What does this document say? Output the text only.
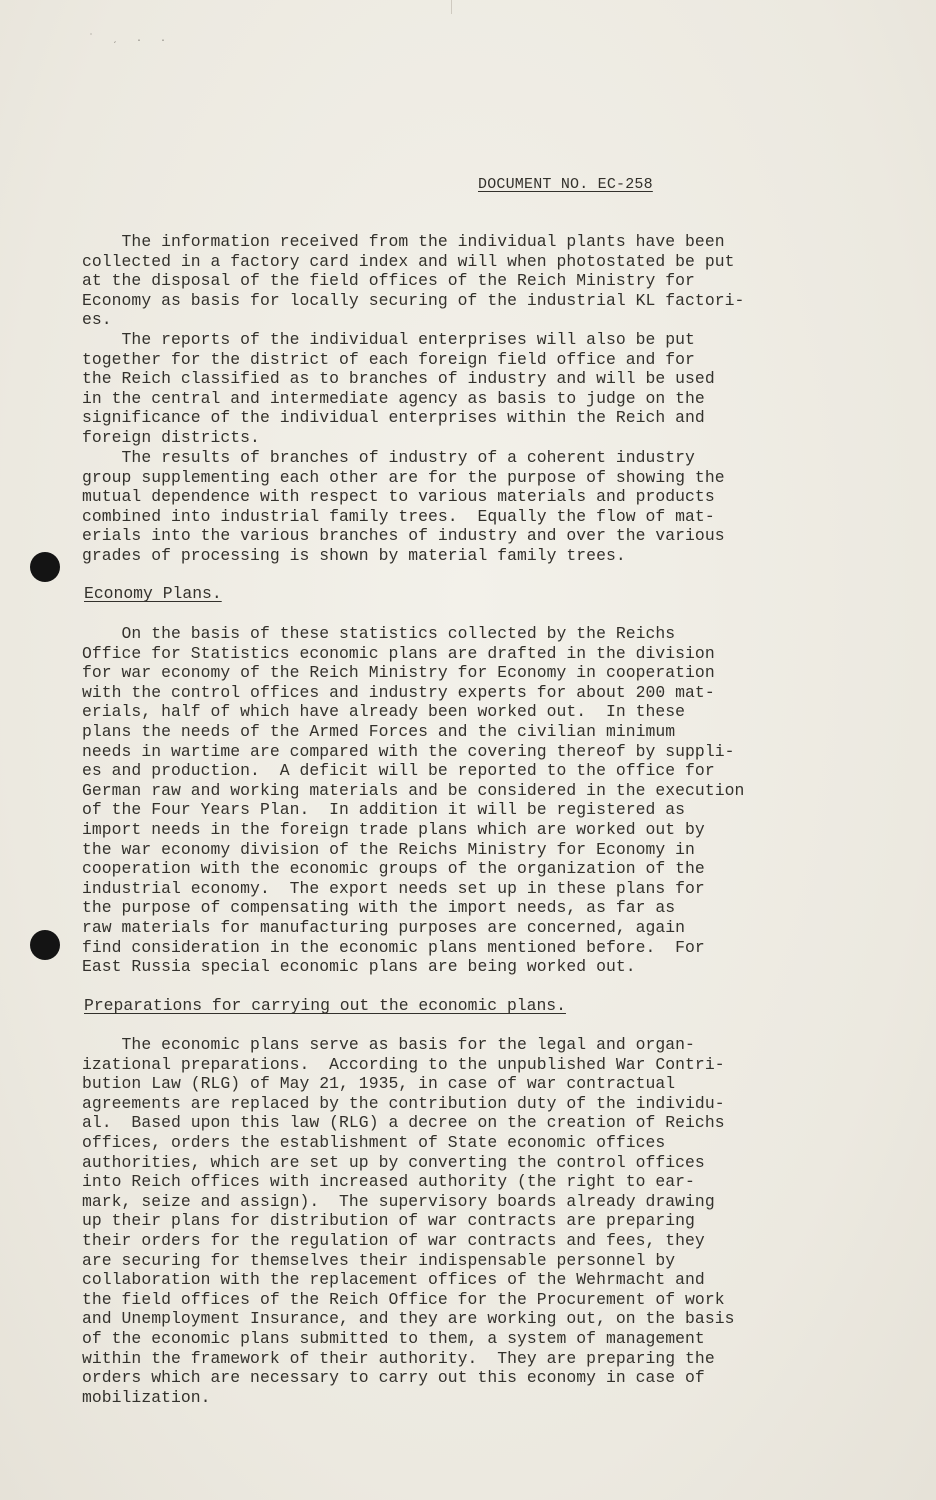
˙ ˏ . .
DOCUMENT NO. EC-258

The information received from the individual plants have been
collected in a factory card index and will when photostated be put
at the disposal of the field offices of the Reich Ministry for
Economy as basis for locally securing of the industrial KL factori-
es.

The reports of the individual enterprises will also be put
together for the district of each foreign field office and for
the Reich classified as to branches of industry and will be used
in the central and intermediate agency as basis to judge on the
significance of the individual enterprises within the Reich and
foreign districts.

The results of branches of industry of a coherent industry
group supplementing each other are for the purpose of showing the
mutual dependence with respect to various materials and products
combined into industrial family trees.  Equally the flow of mat-
erials into the various branches of industry and over the various
grades of processing is shown by material family trees.

Economy Plans.

On the basis of these statistics collected by the Reichs
Office for Statistics economic plans are drafted in the division
for war economy of the Reich Ministry for Economy in cooperation
with the control offices and industry experts for about 200 mat-
erials, half of which have already been worked out.  In these
plans the needs of the Armed Forces and the civilian minimum
needs in wartime are compared with the covering thereof by suppli-
es and production.  A deficit will be reported to the office for
German raw and working materials and be considered in the execution
of the Four Years Plan.  In addition it will be registered as
import needs in the foreign trade plans which are worked out by
the war economy division of the Reichs Ministry for Economy in
cooperation with the economic groups of the organization of the
industrial economy.  The export needs set up in these plans for
the purpose of compensating with the import needs, as far as
raw materials for manufacturing purposes are concerned, again
find consideration in the economic plans mentioned before.  For
East Russia special economic plans are being worked out.

Preparations for carrying out the economic plans.

The economic plans serve as basis for the legal and organ-
izational preparations.  According to the unpublished War Contri-
bution Law (RLG) of May 21, 1935, in case of war contractual
agreements are replaced by the contribution duty of the individu-
al.  Based upon this law (RLG) a decree on the creation of Reichs
offices, orders the establishment of State economic offices
authorities, which are set up by converting the control offices
into Reich offices with increased authority (the right to ear-
mark, seize and assign).  The supervisory boards already drawing
up their plans for distribution of war contracts are preparing
their orders for the regulation of war contracts and fees, they
are securing for themselves their indispensable personnel by
collaboration with the replacement offices of the Wehrmacht and
the field offices of the Reich Office for the Procurement of work
and Unemployment Insurance, and they are working out, on the basis
of the economic plans submitted to them, a system of management
within the framework of their authority.  They are preparing the
orders which are necessary to carry out this economy in case of
mobilization.
